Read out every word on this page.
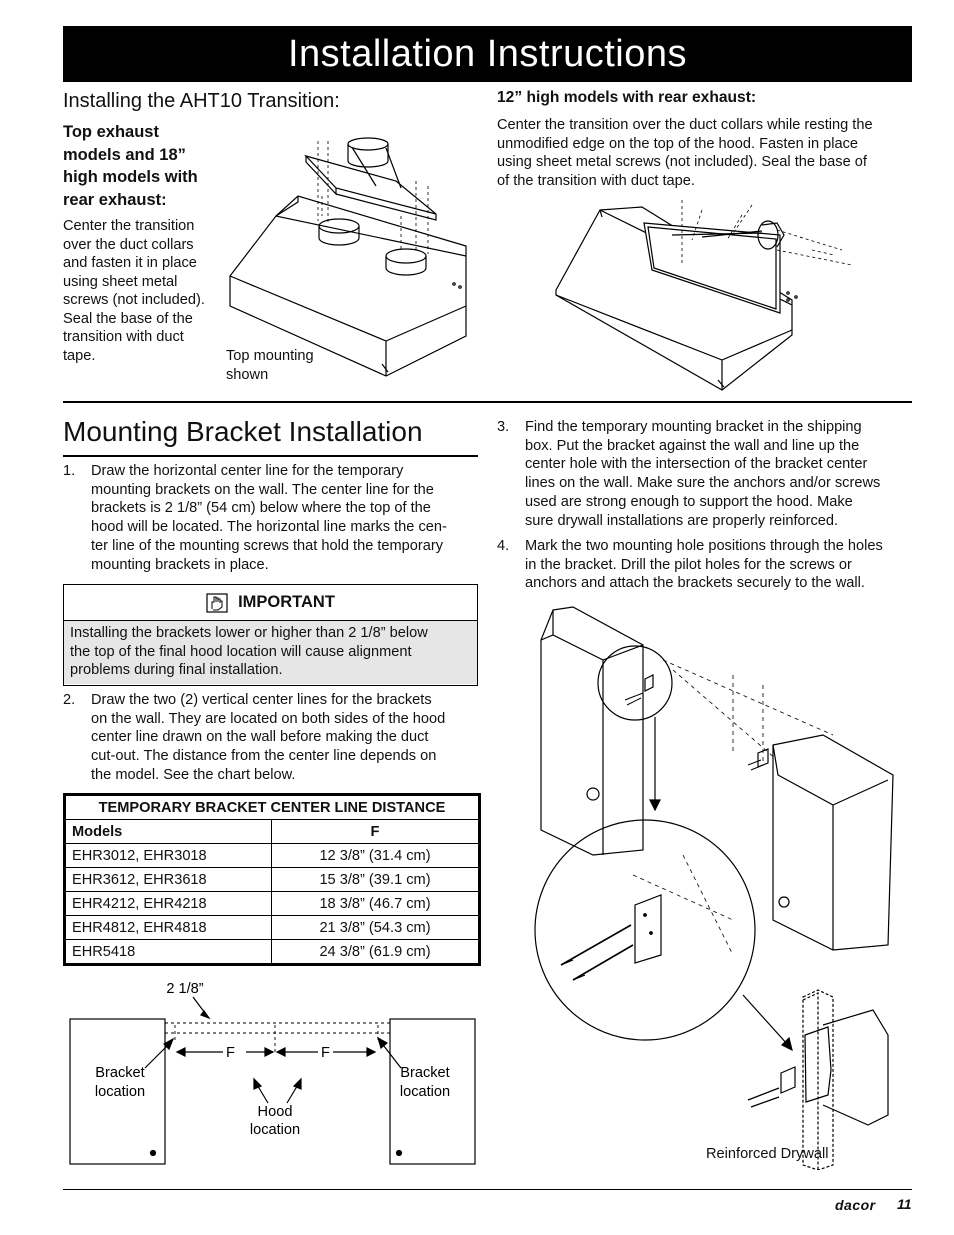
Installation Instructions
Installing the AHT10 Transition:
Top exhaust
models and 18”
high models with
rear exhaust:
Center the transition
over the duct collars
and fasten it in place
using sheet metal
screws (not included).
Seal the base of the
transition with duct
tape.	Top mounting
shown
12” high models with rear exhaust:
Center the transition over the duct collars while resting the
unmodified edge on the top of the hood. Fasten in place
using sheet metal screws (not included). Seal the base of
of the transition with duct tape.
Mounting Bracket Installation
1. Draw the horizontal center line for the temporary
mounting brackets on the wall. The center line for the
brackets is 2 1/8” (54 cm) below where the top of the
hood will be located. The horizontal line marks the cen-
ter line of the mounting screws that hold the temporary
mounting brackets in place.
IMPORTANT
Installing the brackets lower or higher than 2 1/8” below
the top of the final hood location will cause alignment
problems during final installation.
2. Draw the two (2) vertical center lines for the brackets
on the wall. They are located on both sides of the hood
center line drawn on the wall before making the duct
cut-out. The distance from the center line depends on
the model. See the chart below.
TEMPORARY BRACKET CENTER LINE DISTANCE	
Models	F
EHR3012, EHR3018	12 3/8” (31.4 cm)
EHR3612, EHR3618	15 3/8” (39.1 cm)
EHR4212, EHR4218	18 3/8” (46.7 cm)
EHR4812, EHR4818	21 3/8” (54.3 cm)
EHR5418	24 3/8” (61.9 cm)
2 1/8”
F	F
Bracket
location
Bracket
location
Hood
location
3. Find the temporary mounting bracket in the shipping
box. Put the bracket against the wall and line up the
center hole with the intersection of the bracket center
lines on the wall. Make sure the anchors and/or screws
used are strong enough to support the hood. Make
sure drywall installations are properly reinforced.
4. Mark the two mounting hole positions through the holes
in the bracket. Drill the pilot holes for the screws or
anchors and attach the brackets securely to the wall.
Reinforced Drywall
dacor 11
